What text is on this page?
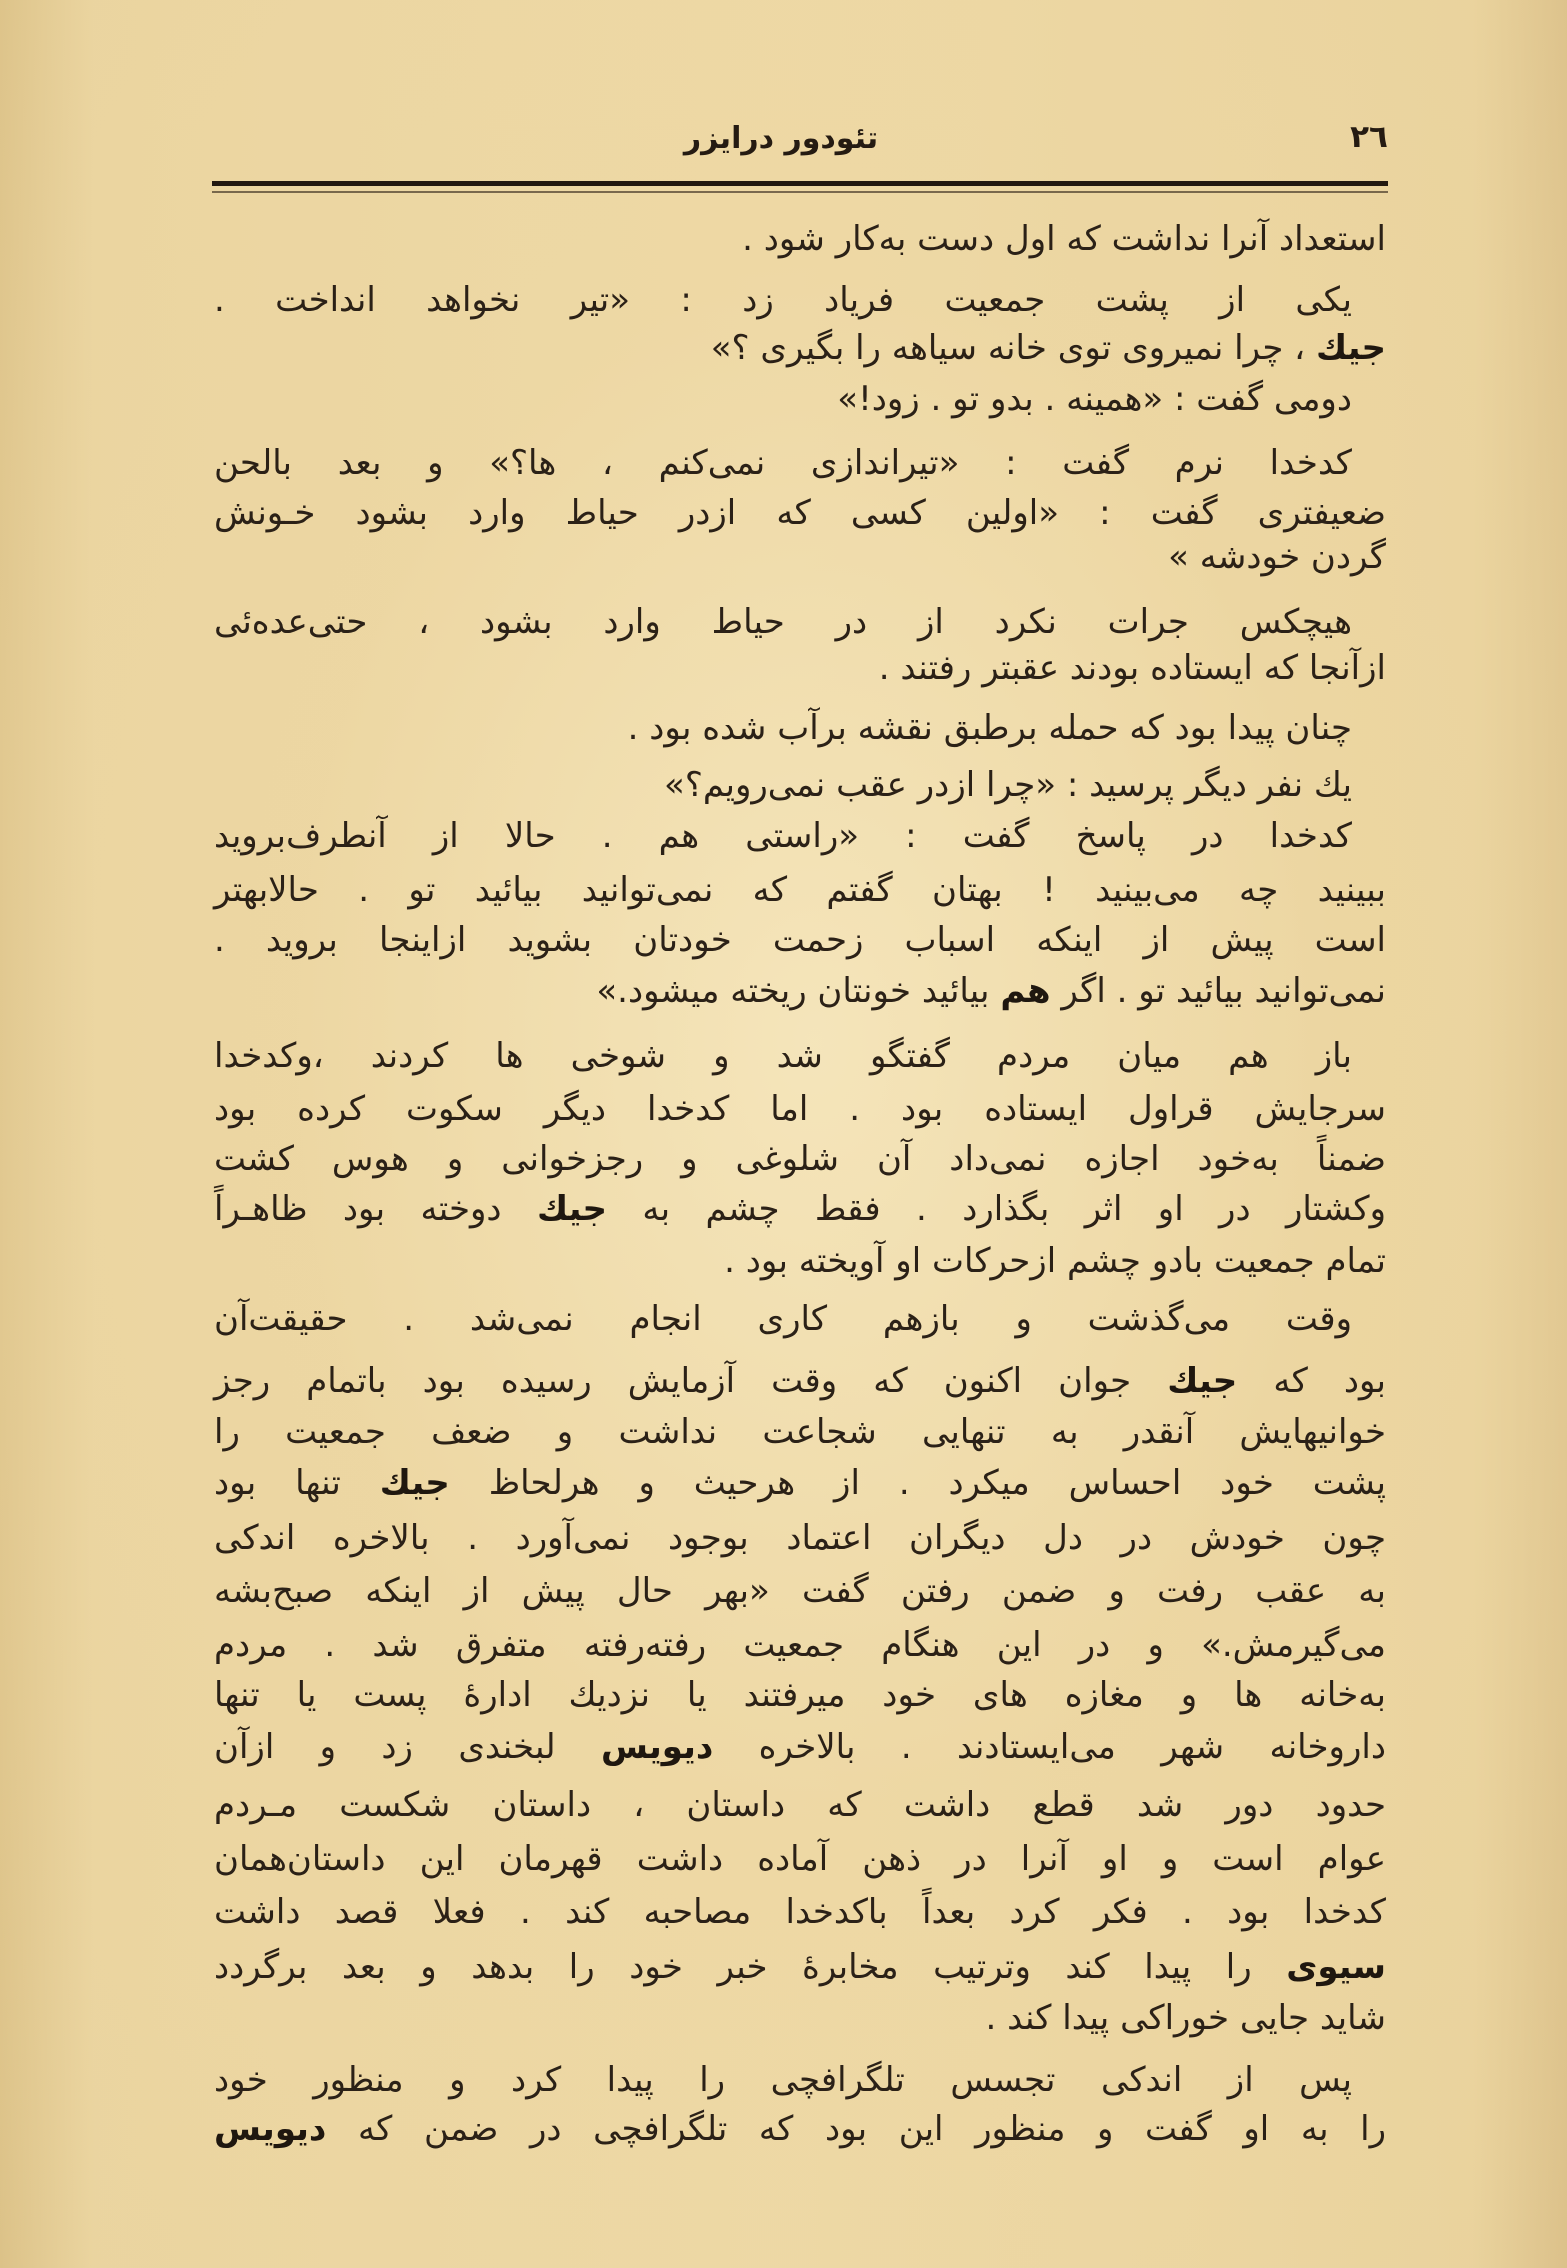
تئودور درایزر	٢٦
استعداد آنرا نداشت که اول دست به‌کار شود .
یکی از پشت جمعیت فریاد زد : «تیر نخواهد انداخت .
جیك ، چرا نمیروی توی خانه سیاهه را بگیری ؟»
دومی گفت : «همینه . بدو تو . زود!»
کدخدا نرم گفت : «تیراندازی نمی‌کنم ، ها؟» و بعد بالحن
ضعیفتری گفت : «اولین کسی که ازدر حیاط وارد بشود خـونش
گردن خودشه »
هیچکس جرات نکرد از در حیاط وارد بشود ، حتی‌عده‌ئی
ازآنجا که ایستاده بودند عقبتر رفتند .
چنان پیدا بود که حمله برطبق نقشه برآب شده بود .
یك نفر دیگر پرسید : «چرا ازدر عقب نمی‌رویم؟»
کدخدا در پاسخ گفت : «راستی هم . حالا از آنطرف‌بروید
ببینید چه می‌بینید ! بهتان گفتم که نمی‌توانید بیائید تو . حالابهتر
است پیش از اینکه اسباب زحمت خودتان بشوید ازاینجا بروید .
نمی‌توانید بیائید تو . اگر هم بیائید خونتان ریخته میشود.»
باز هم میان مردم گفتگو شد و شوخی ها کردند ،وکدخدا
سرجایش قراول ایستاده بود . اما کدخدا دیگر سکوت کرده بود
ضمناً به‌خود اجازه نمی‌داد آن شلوغی و رجزخوانی و هوس کشت
وکشتار در او اثر بگذارد . فقط چشم به جیك دوخته بود ظاهـراً
تمام جمعیت بادو چشم ازحرکات او آویخته بود .
وقت می‌گذشت و بازهم کاری انجام نمی‌شد . حقیقت‌آن
بود که جیك جوان اکنون که وقت آزمایش رسیده بود باتمام رجز
خوانیهایش آنقدر به تنهایی شجاعت نداشت و ضعف جمعیت را
پشت خود احساس میکرد . از هرحیث و هرلحاظ جیك تنها بود
چون خودش در دل دیگران اعتماد بوجود نمی‌آورد . بالاخره اندکی
به عقب رفت و ضمن رفتن گفت «بهر حال پیش از اینکه صبح‌بشه
می‌گیرمش.» و در این هنگام جمعیت رفته‌رفته متفرق شد . مردم
به‌خانه ها و مغازه های خود میرفتند یا نزدیك ادارهٔ پست یا تنها
داروخانه شهر می‌ایستادند . بالاخره دیویس لبخندی زد و ازآن
حدود دور شد قطع داشت که داستان ، داستان شکست مـردم
عوام است و او آنرا در ذهن آماده داشت قهرمان این داستان‌همان
کدخدا بود . فکر کرد بعداً باکدخدا مصاحبه کند . فعلا قصد داشت
سیوی را پیدا کند وترتیب مخابرهٔ خبر خود را بدهد و بعد برگردد
شاید جایی خوراکی پیدا کند .
پس از اندکی تجسس تلگرافچی را پیدا کرد و منظور خود
را به او گفت و منظور این بود که تلگرافچی در ضمن که دیویس
